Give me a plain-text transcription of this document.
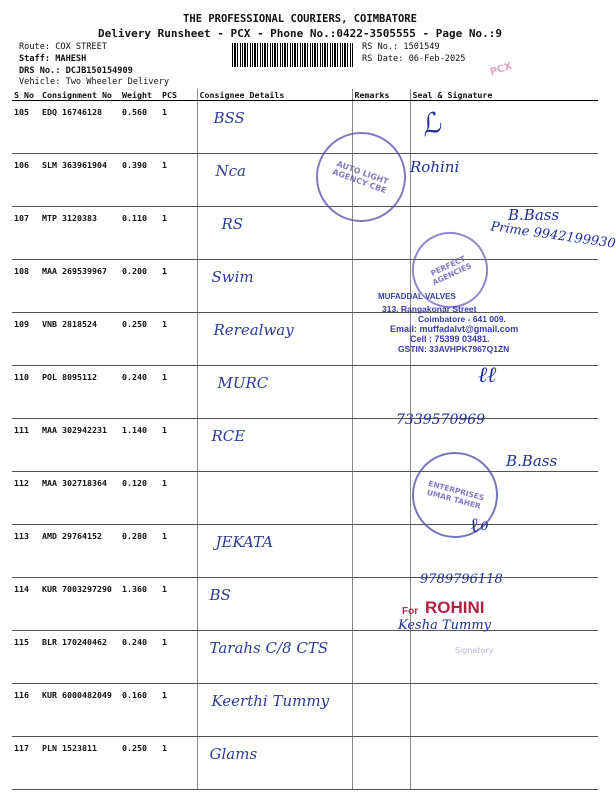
THE PROFESSIONAL COURIERS, COIMBATORE
Delivery Runsheet - PCX - Phone No.:0422-3505555 - Page No.:9
Route: COX STREET
Staff: MAHESH
DRS No.: DCJB150154909
Vehicle: Two Wheeler Delivery
RS No.: 1501549
RS Date: 06-Feb-2025
S No	Consignment No	Weight	PCS	Consignee Details	Remarks	Seal & Signature
105	EDQ 16746128	0.560	1	BSS		

106	SLM 363961904	0.390	1	Nca		

107	MTP 3120383	0.110	1	RS		

108	MAA 269539967	0.200	1	Swim		

109	VNB 2818524	0.250	1	Rerealway		

110	POL 8095112	0.240	1	MURC		

111	MAA 302942231	1.140	1	RCE		

112	MAA 302718364	0.120	1			
113	AMD 29764152	0.280	1	JEKATA		

114	KUR 7003297290	1.360	1	BS		

115	BLR 170240462	0.240	1	Tarahs C/8 CTS		

116	KUR 6000482049	0.160	1	Keerthi Tummy		

117	PLN 1523811	0.250	1	Glams		

AUTO LIGHT AGENCY CBE
PERFECT AGENCIES
ENTERPRISES UMAR TAHER
MUFADDAL VALVES
313, Rangakonar Street
Coimbatore - 641 009.
Email: muffadalvt@gmail.com
Cell : 75399 03481.
GSTIN: 33AVHPK7967Q1ZN
For ROHINI
Signatory
PCX
ℒ
Rohini
B.Bass
Prime 9942199930
ℓℓ
7339570969
B.Bass
ℓℴ
9789796118
Kesha Tummy
